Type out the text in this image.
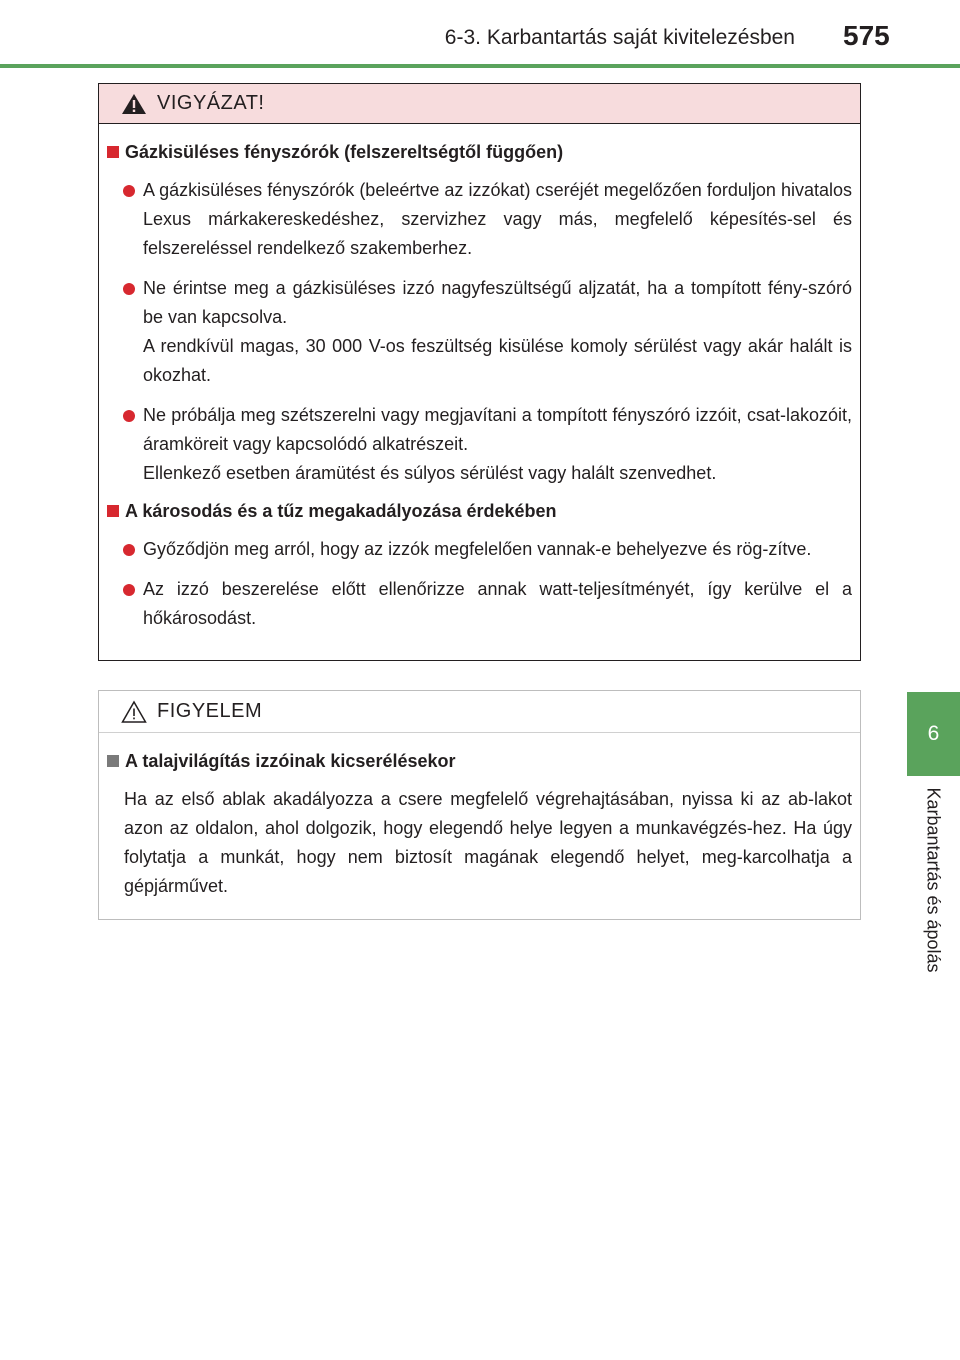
6-3. Karbantartás saját kivitelezésben 575
6
Karbantartás és ápolás
VIGYÁZAT!
Gázkisüléses fényszórók (felszereltségtől függően)

A gázkisüléses fényszórók (beleértve az izzókat) cseréjét megelőzően forduljon hivatalos Lexus márkakereskedéshez, szervizhez vagy más, megfelelő képesítés-sel és felszereléssel rendelkező szakemberhez.

Ne érintse meg a gázkisüléses izzó nagyfeszültségű aljzatát, ha a tompított fény-szóró be van kapcsolva.

A rendkívül magas, 30 000 V-os feszültség kisülése komoly sérülést vagy akár halált is okozhat.

Ne próbálja meg szétszerelni vagy megjavítani a tompított fényszóró izzóit, csat-lakozóit, áramköreit vagy kapcsolódó alkatrészeit.

Ellenkező esetben áramütést és súlyos sérülést vagy halált szenvedhet.

A károsodás és a tűz megakadályozása érdekében

Győződjön meg arról, hogy az izzók megfelelően vannak-e behelyezve és rög-zítve.

Az izzó beszerelése előtt ellenőrizze annak watt-teljesítményét, így kerülve el a hőkárosodást.

FIGYELEM
A talajvilágítás izzóinak kicserélésekor

Ha az első ablak akadályozza a csere megfelelő végrehajtásában, nyissa ki az ab-lakot azon az oldalon, ahol dolgozik, hogy elegendő helye legyen a munkavégzés-hez. Ha úgy folytatja a munkát, hogy nem biztosít magának elegendő helyet, meg-karcolhatja a gépjárművet.
